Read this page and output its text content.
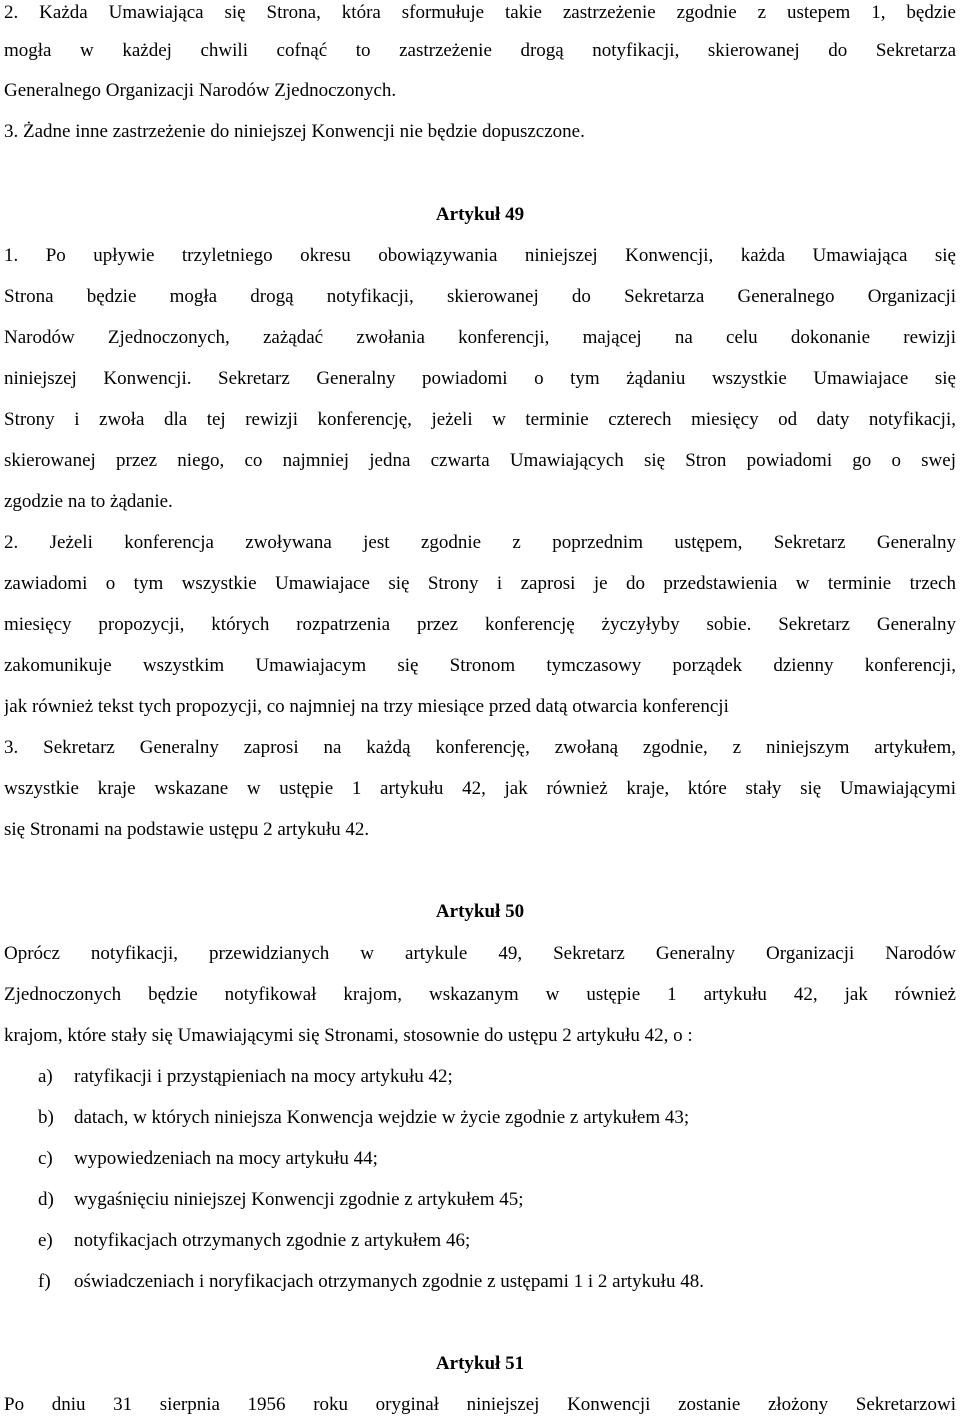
2. Każda Umawiająca się Strona, która sformułuje takie zastrzeżenie zgodnie z ustepem 1, będzie
mogła w każdej chwili cofnąć to zastrzeżenie drogą notyfikacji, skierowanej do Sekretarza
Generalnego Organizacji Narodów Zjednoczonych.
3. Żadne inne zastrzeżenie do niniejszej Konwencji nie będzie dopuszczone.
Artykuł 49
1. Po upływie trzyletniego okresu obowiązywania niniejszej Konwencji, każda Umawiająca się
Strona będzie mogła drogą notyfikacji, skierowanej do Sekretarza Generalnego Organizacji
Narodów Zjednoczonych, zażądać zwołania konferencji, mającej na celu dokonanie rewizji
niniejszej Konwencji. Sekretarz Generalny powiadomi o tym żądaniu wszystkie Umawiajace się
Strony i zwoła dla tej rewizji konferencję, jeżeli w terminie czterech miesięcy od daty notyfikacji,
skierowanej przez niego, co najmniej jedna czwarta Umawiających się Stron powiadomi go o swej
zgodzie na to żądanie.
2. Jeżeli konferencja zwoływana jest zgodnie z poprzednim ustępem, Sekretarz Generalny
zawiadomi o tym wszystkie Umawiajace się Strony i zaprosi je do przedstawienia w terminie trzech
miesięcy propozycji, których rozpatrzenia przez konferencję życzyłyby sobie. Sekretarz Generalny
zakomunikuje wszystkim Umawiajacym się Stronom tymczasowy porządek dzienny konferencji,
jak również tekst tych propozycji, co najmniej na trzy miesiące przed datą otwarcia konferencji
3. Sekretarz Generalny zaprosi na każdą konferencję, zwołaną zgodnie, z niniejszym artykułem,
wszystkie kraje wskazane w ustępie 1 artykułu 42, jak również kraje, które stały się Umawiającymi
się Stronami na podstawie ustępu 2 artykułu 42.
Artykuł 50
Oprócz notyfikacji, przewidzianych w artykule 49, Sekretarz Generalny Organizacji Narodów
Zjednoczonych będzie notyfikował krajom, wskazanym w ustępie 1 artykułu 42, jak również
krajom, które stały się Umawiającymi się Stronami, stosownie do ustępu 2 artykułu 42, o :
a) ratyfikacji i przystąpieniach na mocy artykułu 42;
b) datach, w których niniejsza Konwencja wejdzie w życie zgodnie z artykułem 43;
c) wypowiedzeniach na mocy artykułu 44;
d) wygaśnięciu niniejszej Konwencji zgodnie z artykułem 45;
e) notyfikacjach otrzymanych zgodnie z artykułem 46;
f) oświadczeniach i noryfikacjach otrzymanych zgodnie z ustępami 1 i 2 artykułu 48.
Artykuł 51
Po dniu 31 sierpnia 1956 roku oryginał niniejszej Konwencji zostanie złożony Sekretarzowi
